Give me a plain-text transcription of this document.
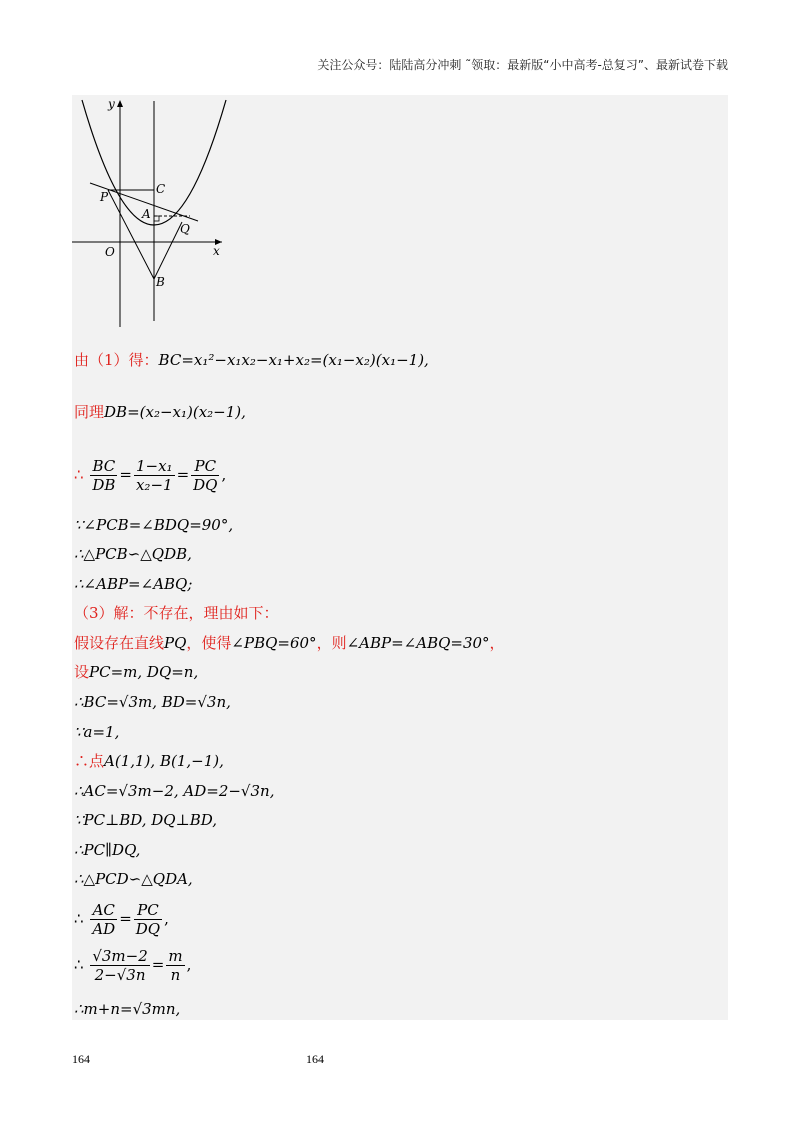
关注公众号：陆陆高分冲刺 ˜领取：最新版“小中高考-总复习”、最新试卷下载
y
x
O
P
C
A
Q
B
由（1）得：BC=x₁²−x₁x₂−x₁+x₂=(x₁−x₂)(x₁−1),
同理DB=(x₂−x₁)(x₂−1),
∴ $\frac{BC}{DB} = \frac{\text{1−x₁}}{\text{x₂−1}} = \frac{PC}{DQ}$ ,
∵∠PCB=∠BDQ=90°,
∴△PCB∽△QDB,
∴∠ABP=∠ABQ;
（3）解：不存在，理由如下：
假设存在直线PQ，使得∠PBQ=60°，则∠ABP=∠ABQ=30°，
设PC=m, DQ=n,
∴BC=√3m, BD=√3n,
∵a=1,
∴点A(1,1), B(1,−1),
∴AC=√3m−2, AD=2−√3n,
∵PC⊥BD, DQ⊥BD,
∴PC∥DQ,
∴△PCD∽△QDA,
∴ $\frac{AC}{AD} = \frac{PC}{DQ}$ ,
∴ $\frac{√3m-2}{2-√3n} = \frac{m}{n}$ ,
∴m+n=√3mn,
164	164
